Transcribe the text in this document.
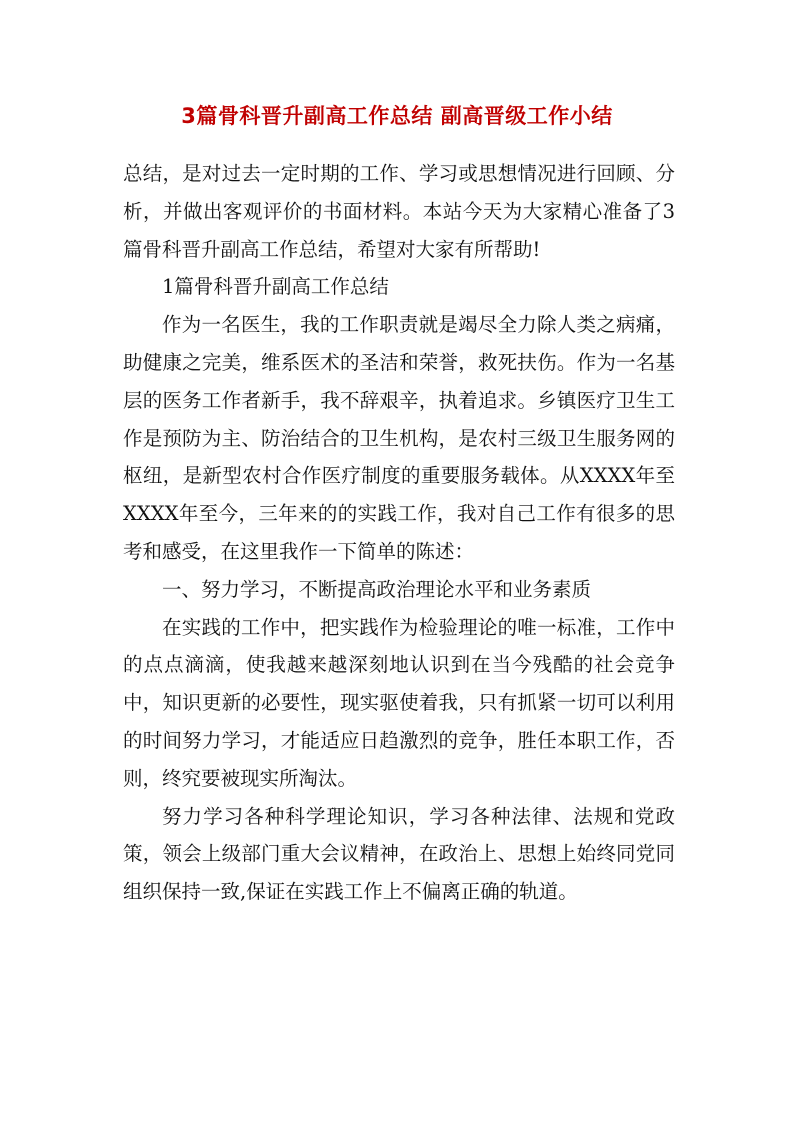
3篇骨科晋升副高工作总结 副高晋级工作小结

总结，是对过去一定时期的工作、学习或思想情况进行回顾、分析，并做出客观评价的书面材料。本站今天为大家精心准备了3篇骨科晋升副高工作总结，希望对大家有所帮助!

1篇骨科晋升副高工作总结

作为一名医生，我的工作职责就是竭尽全力除人类之病痛，助健康之完美，维系医术的圣洁和荣誉，救死扶伤。作为一名基层的医务工作者新手，我不辞艰辛，执着追求。乡镇医疗卫生工作是预防为主、防治结合的卫生机构，是农村三级卫生服务网的枢纽，是新型农村合作医疗制度的重要服务载体。从XXXX年至XXXX年至今，三年来的的实践工作，我对自己工作有很多的思考和感受，在这里我作一下简单的陈述：

一、努力学习，不断提高政治理论水平和业务素质

在实践的工作中，把实践作为检验理论的唯一标准，工作中的点点滴滴，使我越来越深刻地认识到在当今残酷的社会竞争中，知识更新的必要性，现实驱使着我，只有抓紧一切可以利用的时间努力学习，才能适应日趋激烈的竞争，胜任本职工作，否则，终究要被现实所淘汰。

努力学习各种科学理论知识，学习各种法律、法规和党政策，领会上级部门重大会议精神，在政治上、思想上始终同党同组织保持一致,保证在实践工作上不偏离正确的轨道。
